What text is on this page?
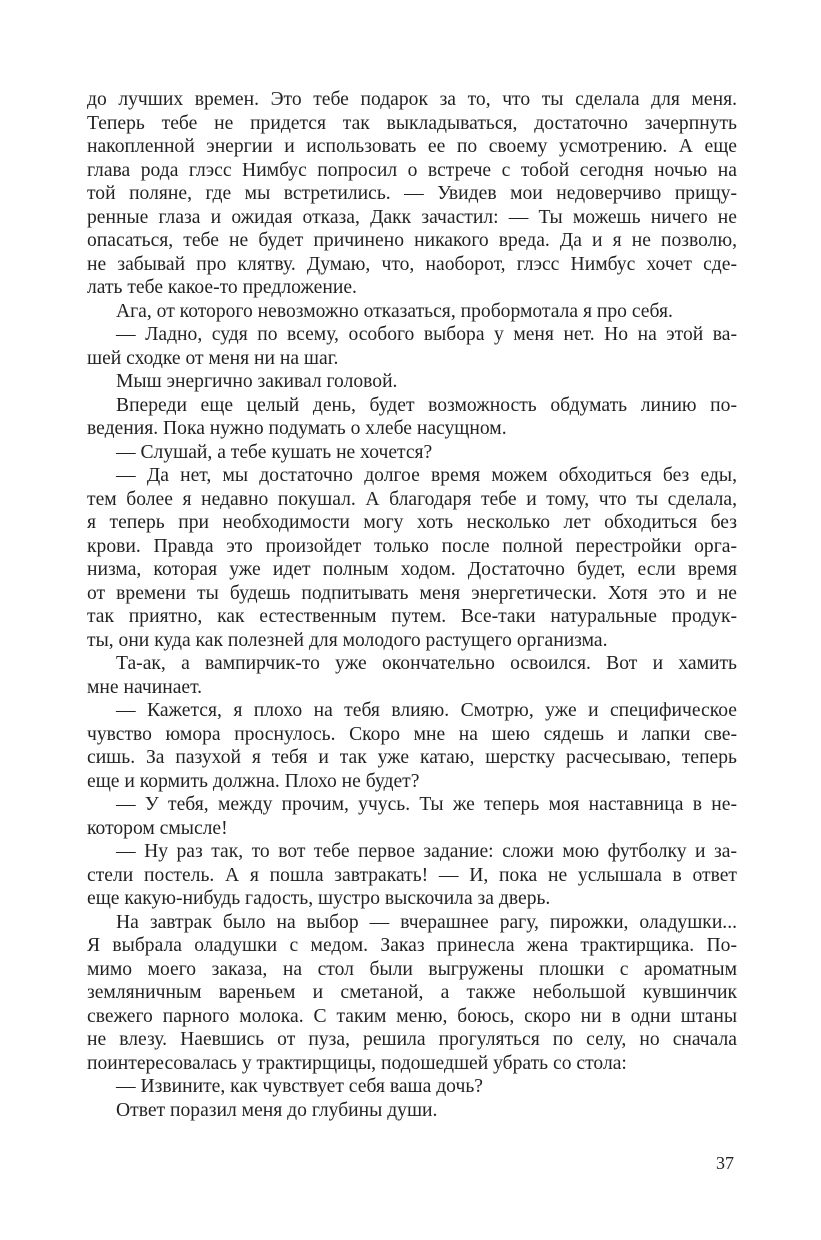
до лучших времен. Это тебе подарок за то, что ты сделала для меня.
Теперь тебе не придется так выкладываться, достаточно зачерпнуть
накопленной энергии и использовать ее по своему усмотрению. А еще
глава рода глэсс Нимбус попросил о встрече с тобой сегодня ночью на
той поляне, где мы встретились. — Увидев мои недоверчиво прищу-
ренные глаза и ожидая отказа, Дакк зачастил: — Ты можешь ничего не
опасаться, тебе не будет причинено никакого вреда. Да и я не позволю,
не забывай про клятву. Думаю, что, наоборот, глэсс Нимбус хочет сде-
лать тебе какое-то предложение.
Ага, от которого невозможно отказаться, пробормотала я про себя.
— Ладно, судя по всему, особого выбора у меня нет. Но на этой ва-
шей сходке от меня ни на шаг.
Мыш энергично закивал головой.
Впереди еще целый день, будет возможность обдумать линию по-
ведения. Пока нужно подумать о хлебе насущном.
— Слушай, а тебе кушать не хочется?
— Да нет, мы достаточно долгое время можем обходиться без еды,
тем более я недавно покушал. А благодаря тебе и тому, что ты сделала,
я теперь при необходимости могу хоть несколько лет обходиться без
крови. Правда это произойдет только после полной перестройки орга-
низма, которая уже идет полным ходом. Достаточно будет, если время
от времени ты будешь подпитывать меня энергетически. Хотя это и не
так приятно, как естественным путем. Все-таки натуральные продук-
ты, они куда как полезней для молодого растущего организма.
Та-ак, а вампирчик-то уже окончательно освоился. Вот и хамить
мне начинает.
— Кажется, я плохо на тебя влияю. Смотрю, уже и специфическое
чувство юмора проснулось. Скоро мне на шею сядешь и лапки све-
сишь. За пазухой я тебя и так уже катаю, шерстку расчесываю, теперь
еще и кормить должна. Плохо не будет?
— У тебя, между прочим, учусь. Ты же теперь моя наставница в не-
котором смысле!
— Ну раз так, то вот тебе первое задание: сложи мою футболку и за-
стели постель. А я пошла завтракать! — И, пока не услышала в ответ
еще какую-нибудь гадость, шустро выскочила за дверь.
На завтрак было на выбор — вчерашнее рагу, пирожки, оладушки...
Я выбрала оладушки с медом. Заказ принесла жена трактирщика. По-
мимо моего заказа, на стол были выгружены плошки с ароматным
земляничным вареньем и сметаной, а также небольшой кувшинчик
свежего парного молока. С таким меню, боюсь, скоро ни в одни штаны
не влезу. Наевшись от пуза, решила прогуляться по селу, но сначала
поинтересовалась у трактирщицы, подошедшей убрать со стола:
— Извините, как чувствует себя ваша дочь?
Ответ поразил меня до глубины души.
37
